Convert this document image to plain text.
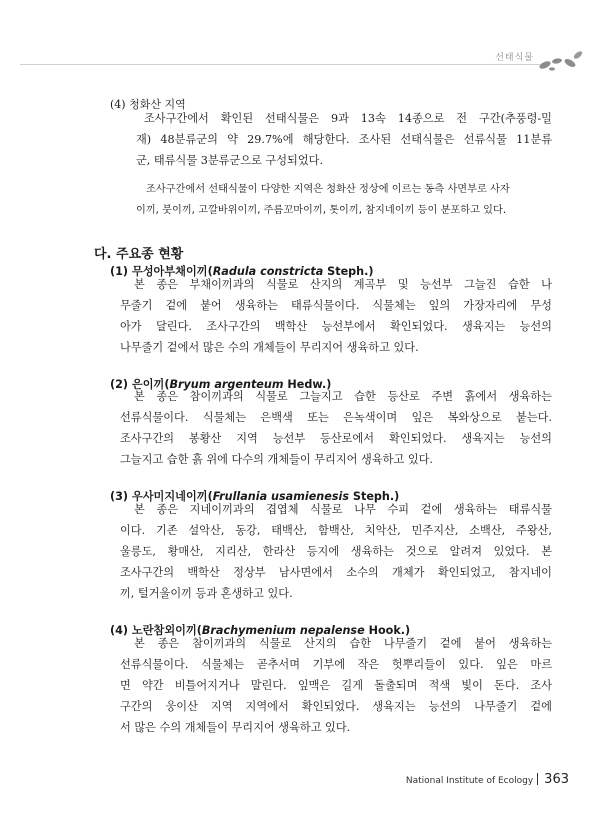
선태식물
(4) 청화산 지역
조사구간에서 확인된 선태식물은 9과 13속 14종으로 전 구간(추풍령-밀
재) 48분류군의 약 29.7%에 해당한다. 조사된 선태식물은 선류식물 11분류
군, 태류식물 3분류군으로 구성되었다.
조사구간에서 선태식물이 다양한 지역은 청화산 정상에 이르는 동측 사면부로 사자
이끼, 붓이끼, 고깔바위이끼, 주름꼬마이끼, 톳이끼, 참지네이끼 등이 분포하고 있다.
다. 주요종 현황
(1) 무성아부채이끼(Radula constricta Steph.)
본 종은 부채이끼과의 식물로 산지의 계곡부 및 능선부 그늘진 습한 나
무줄기 겉에 붙어 생육하는 태류식물이다. 식물체는 잎의 가장자리에 무성
아가 달린다. 조사구간의 백학산 능선부에서 확인되었다. 생육지는 능선의
나무줄기 겉에서 많은 수의 개체들이 무리지어 생육하고 있다.
(2) 은이끼(Bryum argenteum Hedw.)
본 종은 참이끼과의 식물로 그늘지고 습한 등산로 주변 흙에서 생육하는
선류식물이다. 식물체는 은백색 또는 은녹색이며 잎은 복와상으로 붙는다.
조사구간의 봉황산 지역 능선부 등산로에서 확인되었다. 생육지는 능선의
그늘지고 습한 흙 위에 다수의 개체들이 무리지어 생육하고 있다.
(3) 우사미지네이끼(Frullania usamienesis Steph.)
본 종은 지네이끼과의 겹엽체 식물로 나무 수피 겉에 생육하는 태류식물
이다. 기존 설악산, 동강, 태백산, 함백산, 치악산, 민주지산, 소백산, 주왕산,
울릉도, 황매산, 지리산, 한라산 등지에 생육하는 것으로 알려져 있었다. 본
조사구간의 백학산 정상부 남사면에서 소수의 개체가 확인되었고, 참지네이
끼, 털거울이끼 등과 혼생하고 있다.
(4) 노란참외이끼(Brachymenium nepalense Hook.)
본 종은 참이끼과의 식물로 산지의 습한 나무줄기 겉에 붙어 생육하는
선류식물이다. 식물체는 곧추서며 기부에 작은 헛뿌리들이 있다. 잎은 마르
면 약간 비틀어지거나 말린다. 잎맥은 길게 돌출되며 적색 빛이 돈다. 조사
구간의 웅이산 지역 지역에서 확인되었다. 생육지는 능선의 나무줄기 겉에
서 많은 수의 개체들이 무리지어 생육하고 있다.
National Institute of Ecology 363
